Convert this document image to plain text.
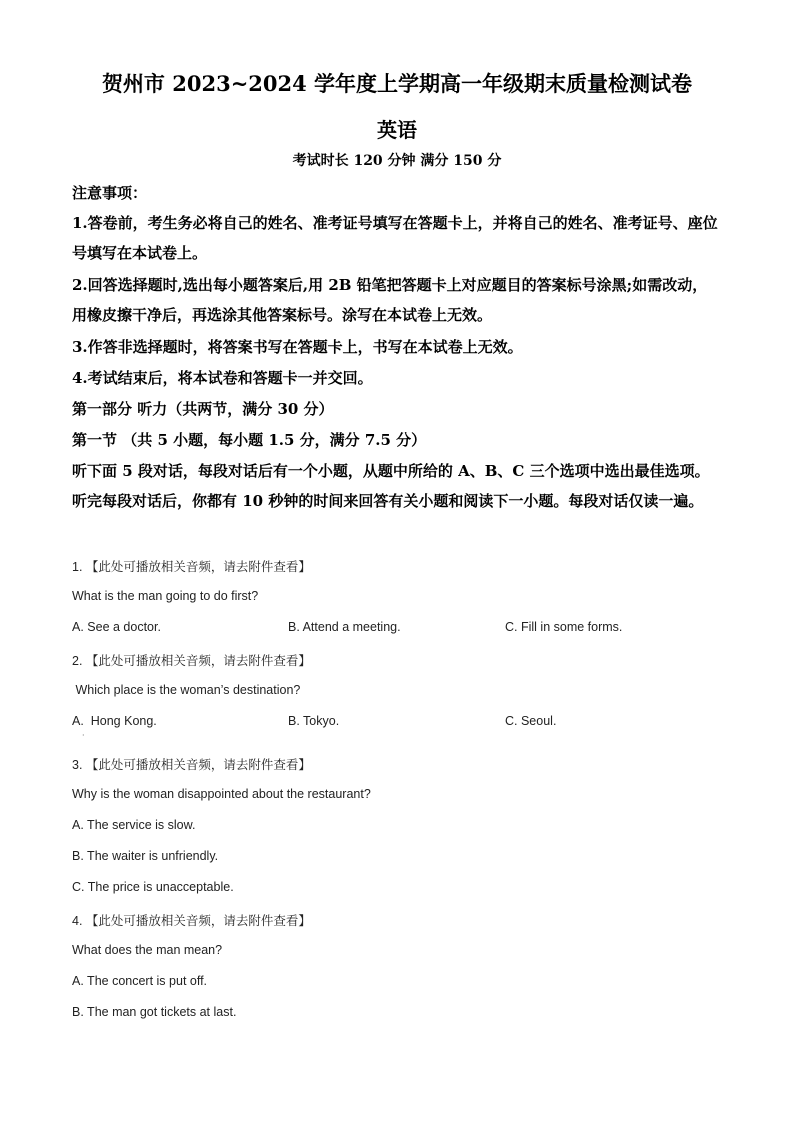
贺州市 2023~2024 学年度上学期高一年级期末质量检测试卷
英语
考试时长 120 分钟 满分 150 分
注意事项：
1.答卷前，考生务必将自己的姓名、准考证号填写在答题卡上，并将自己的姓名、准考证号、座位号填写在本试卷上。
2.回答选择题时,选出每小题答案后,用 2B 铅笔把答题卡上对应题目的答案标号涂黑;如需改动，用橡皮擦干净后，再选涂其他答案标号。涂写在本试卷上无效。
3.作答非选择题时，将答案书写在答题卡上，书写在本试卷上无效。
4.考试结束后，将本试卷和答题卡一并交回。
第一部分 听力（共两节，满分 30 分）
第一节 （共 5 小题，每小题 1.5 分，满分 7.5 分）
听下面 5 段对话，每段对话后有一个小题，从题中所给的 A、B、C 三个选项中选出最佳选项。听完每段对话后，你都有 10 秒钟的时间来回答有关小题和阅读下一小题。每段对话仅读一遍。
1. 【此处可播放相关音频，请去附件查看】
What is the man going to do first?
A. See a doctor.	B. Attend a meeting.	C. Fill in some forms.
2. 【此处可播放相关音频，请去附件查看】
Which place is the woman’s destination?
A.  Hong Kong.	B. Tokyo.	C. Seoul.
·
3. 【此处可播放相关音频，请去附件查看】
Why is the woman disappointed about the restaurant?
A. The service is slow.
B. The waiter is unfriendly.
C. The price is unacceptable.
4. 【此处可播放相关音频，请去附件查看】
What does the man mean?
A. The concert is put off.
B. The man got tickets at last.
